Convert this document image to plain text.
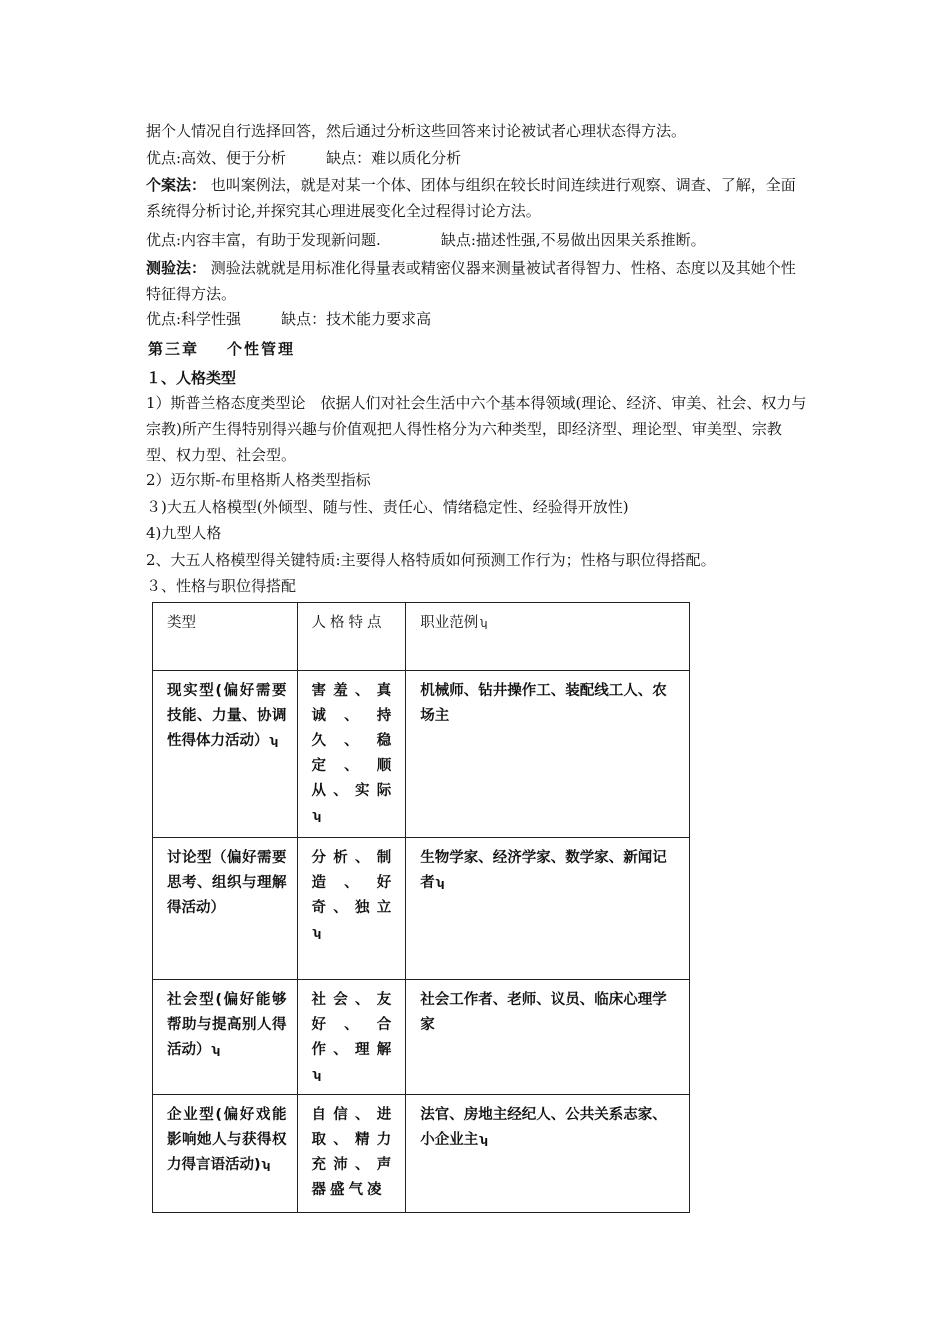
据个人情况自行选择回答，然后通过分析这些回答来讨论被试者心理状态得方法。
优点:高效、便于分析	缺点：难以质化分析
个案法： 也叫案例法，就是对某一个体、团体与组织在较长时间连续进行观察、调查、了解，全面系统得分析讨论,并探究其心理进展变化全过程得讨论方法。
优点:内容丰富，有助于发现新问题.	缺点:描述性强,不易做出因果关系推断。
测验法： 测验法就就是用标准化得量表或精密仪器来测量被试者得智力、性格、态度以及其她个性特征得方法。
优点:科学性强	缺点：技术能力要求高
第三章 个性管理
１、人格类型
1）斯普兰格态度类型论　依据人们对社会生活中六个基本得领域(理论、经济、审美、社会、权力与宗教)所产生得特别得兴趣与价值观把人得性格分为六种类型，即经济型、理论型、审美型、宗教型、权力型、社会型。
2）迈尔斯-布里格斯人格类型指标
３)大五人格模型(外倾型、随与性、责任心、情绪稳定性、经验得开放性)
4)九型人格
2、大五人格模型得关键特质:主要得人格特质如何预测工作行为；性格与职位得搭配。
３、性格与职位得搭配
类型	人格特点	职业范例 ʮ
现实型(偏好需要技能、力量、协调性得体力活动） ʮ	害羞、真诚、持久、稳定、顺从、实际ʮ	机械师、钻井操作工、装配线工人、农场主
讨论型（偏好需要思考、组织与理解得活动）	分析、制造、好奇、独立ʮ	生物学家、经济学家、数学家、新闻记者 ʮ
社会型(偏好能够帮助与提高别人得活动） ʮ	社会、友好、合作、理解ʮ	社会工作者、老师、议员、临床心理学家
企业型(偏好戏能影响她人与获得权力得言语活动) ʮ	自信、进取、精力充沛、声器盛气凌	法官、房地主经纪人、公共关系志家、小企业主 ʮ
